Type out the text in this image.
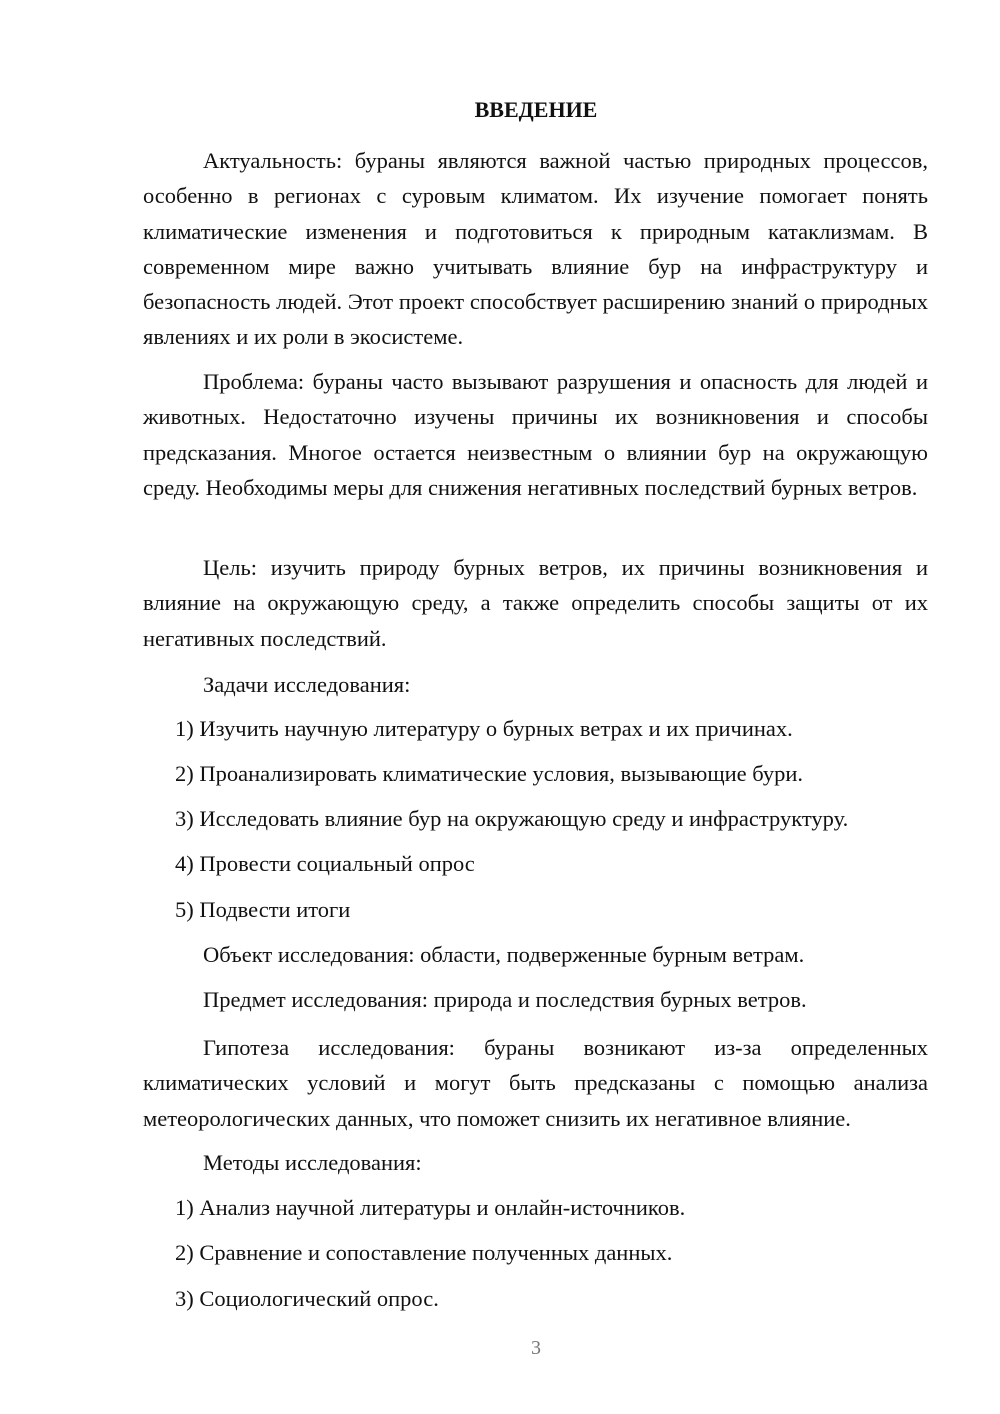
ВВЕДЕНИЕ

Актуальность: бураны являются важной частью природных процессов, особенно в регионах с суровым климатом. Их изучение помогает понять климатические изменения и подготовиться к природным катаклизмам. В современном мире важно учитывать влияние бур на инфраструктуру и безопасность людей. Этот проект способствует расширению знаний о природных явлениях и их роли в экосистеме.

Проблема: бураны часто вызывают разрушения и опасность для людей и животных. Недостаточно изучены причины их возникновения и способы предсказания. Многое остается неизвестным о влиянии бур на окружающую среду. Необходимы меры для снижения негативных последствий бурных ветров.

Цель: изучить природу бурных ветров, их причины возникновения и влияние на окружающую среду, а также определить способы защиты от их негативных последствий.

Задачи исследования:

1) Изучить научную литературу о бурных ветрах и их причинах.

2) Проанализировать климатические условия, вызывающие бури.

3) Исследовать влияние бур на окружающую среду и инфраструктуру.

4) Провести социальный опрос

5) Подвести итоги

Объект исследования: области, подверженные бурным ветрам.

Предмет исследования: природа и последствия бурных ветров.

Гипотеза исследования: бураны возникают из-за определенных климатических условий и могут быть предсказаны с помощью анализа метеорологических данных, что поможет снизить их негативное влияние.

Методы исследования:

1) Анализ научной литературы и онлайн-источников.

2) Сравнение и сопоставление полученных данных.

3) Социологический опрос.

3
